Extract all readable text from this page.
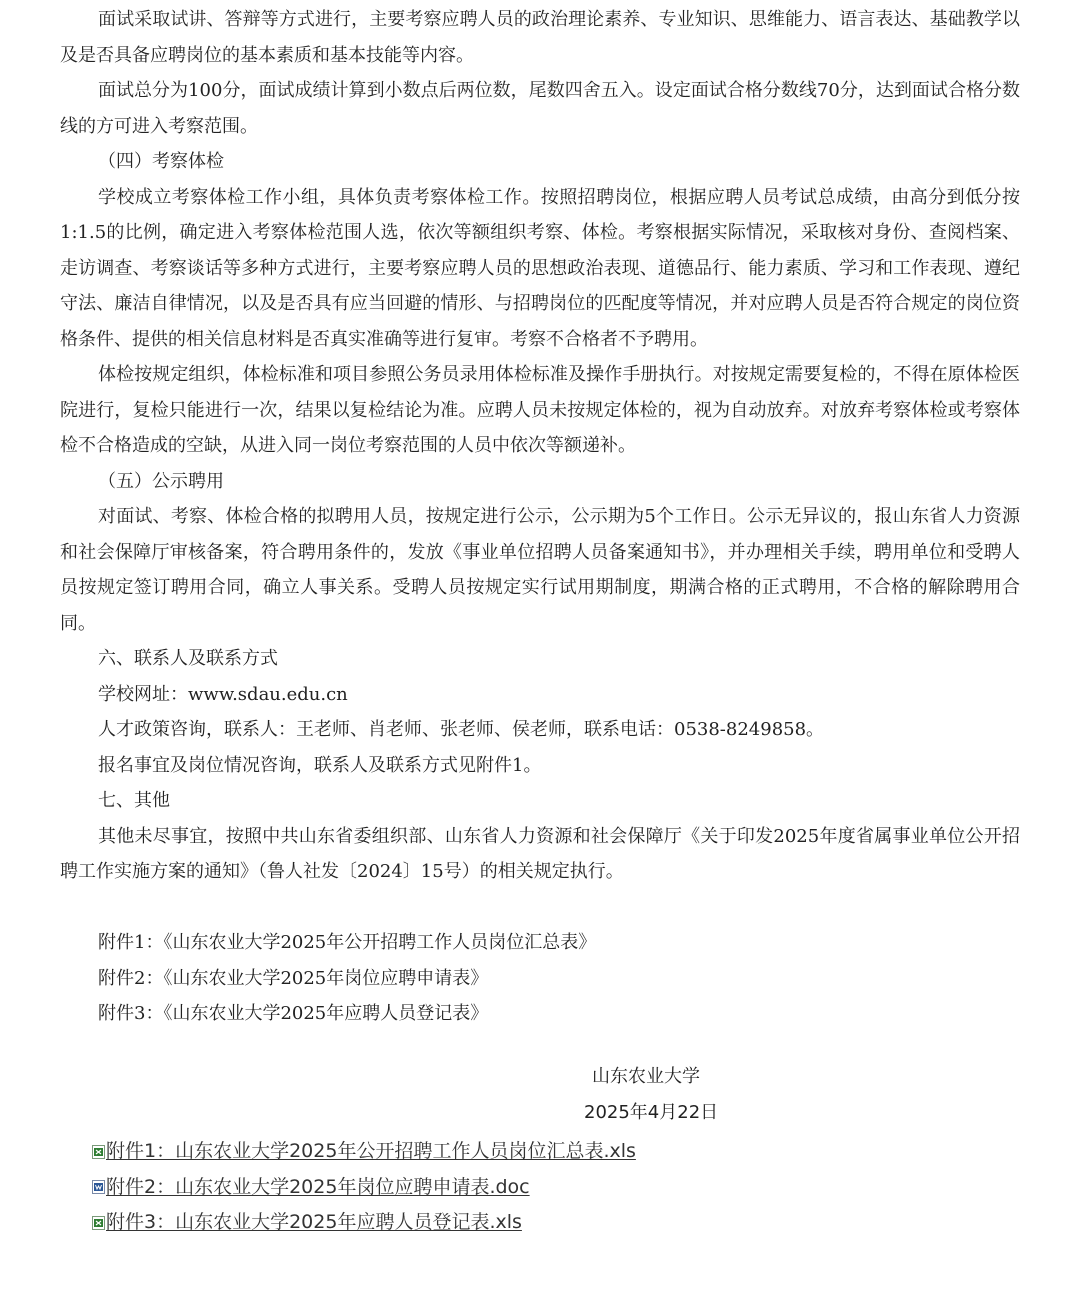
面试采取试讲、答辩等方式进行，主要考察应聘人员的政治理论素养、专业知识、思维能力、语言表达、基础教学以及是否具备应聘岗位的基本素质和基本技能等内容。

面试总分为100分，面试成绩计算到小数点后两位数，尾数四舍五入。设定面试合格分数线70分，达到面试合格分数线的方可进入考察范围。

（四）考察体检

学校成立考察体检工作小组，具体负责考察体检工作。按照招聘岗位，根据应聘人员考试总成绩，由高分到低分按1:1.5的比例，确定进入考察体检范围人选，依次等额组织考察、体检。考察根据实际情况，采取核对身份、查阅档案、走访调查、考察谈话等多种方式进行，主要考察应聘人员的思想政治表现、道德品行、能力素质、学习和工作表现、遵纪守法、廉洁自律情况，以及是否具有应当回避的情形、与招聘岗位的匹配度等情况，并对应聘人员是否符合规定的岗位资格条件、提供的相关信息材料是否真实准确等进行复审。考察不合格者不予聘用。

体检按规定组织，体检标准和项目参照公务员录用体检标准及操作手册执行。对按规定需要复检的，不得在原体检医院进行，复检只能进行一次，结果以复检结论为准。应聘人员未按规定体检的，视为自动放弃。对放弃考察体检或考察体检不合格造成的空缺，从进入同一岗位考察范围的人员中依次等额递补。

（五）公示聘用

对面试、考察、体检合格的拟聘用人员，按规定进行公示，公示期为5个工作日。公示无异议的，报山东省人力资源和社会保障厅审核备案，符合聘用条件的，发放《事业单位招聘人员备案通知书》，并办理相关手续，聘用单位和受聘人员按规定签订聘用合同，确立人事关系。受聘人员按规定实行试用期制度，期满合格的正式聘用，不合格的解除聘用合同。

六、联系人及联系方式

学校网址：www.sdau.edu.cn

人才政策咨询，联系人：王老师、肖老师、张老师、侯老师，联系电话：0538-8249858。

报名事宜及岗位情况咨询，联系人及联系方式见附件1。

七、其他

其他未尽事宜，按照中共山东省委组织部、山东省人力资源和社会保障厅《关于印发2025年度省属事业单位公开招聘工作实施方案的通知》（鲁人社发〔2024〕15号）的相关规定执行。

附件1：《山东农业大学2025年公开招聘工作人员岗位汇总表》

附件2：《山东农业大学2025年岗位应聘申请表》

附件3：《山东农业大学2025年应聘人员登记表》

山东农业大学
2025年4月22日
附件1：山东农业大学2025年公开招聘工作人员岗位汇总表.xls
附件2：山东农业大学2025年岗位应聘申请表.doc
附件3：山东农业大学2025年应聘人员登记表.xls
